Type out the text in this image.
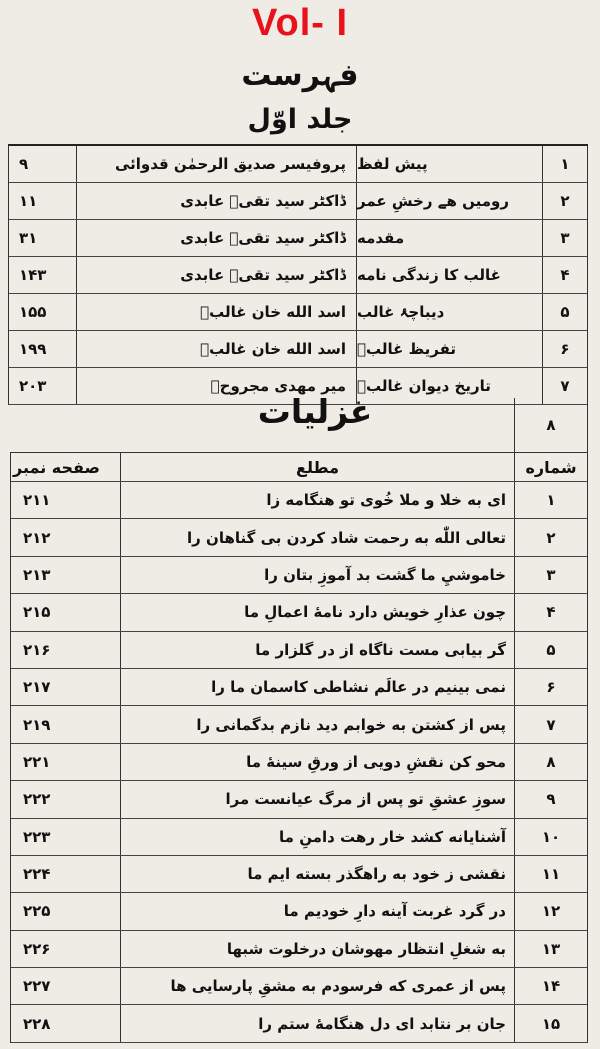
Vol- I
فہرست
جلد اوّل
١
پیش لفظ
پروفیسر صدیق الرحمٰن قدوائی
٩
٢
رومیں ھے رخشِ عمر
ڈاکٹر سید تقیؔ عابدی
١١
٣
مقدمه
ڈاکٹر سید تقیؔ عابدی
٣١
۴
غالب کا زندگی نامه
ڈاکٹر سید تقیؔ عابدی
١۴٣
۵
دیباچۂ غالب
اسد الله خان غالبؔ
١۵۵
۶
تفریظ غالبؔ
اسد الله خان غالبؔ
١٩٩
٧
تاریخ دیوان غالبؔ
میر مهدی مجروحؔ
٢٠٣
غزلیات	٨
شماره
مطلع
صفحه نمبر
١
ای به خلا و ملا خُوی تو هنگامه زا
٢١١
٢
تعالی اللّٰه به رحمت شاد کردن بی گناهان را
٢١٢
٣
خاموشيِ ما گشت بد آموزِ بتان را
٢١٣
۴
چون عذارِ خویش دارد نامهٔ اعمالِ ما
٢١۵
۵
گر بیابی مست ناگاه از در گلزار ما
٢١۶
۶
نمی بینیم در عالَم نشاطی کاسمان ما را
٢١٧
٧
پس از کشتن به خوابم دید نازم بدگمانی را
٢١٩
٨
محو کن نقشِ دویی از ورقِ سینهٔ ما
٢٢١
٩
سوزِ عشقِ تو پس از مرگ عیانست مرا
٢٢٢
١٠
آشنایانه کشد خار رهت دامنِ ما
٢٢٣
١١
نقشی ز خود به راهگذر بسته ایم ما
٢٢۴
١٢
در گرد غربت آینه دارِ خودیم ما
٢٢۵
١٣
به شغلِ انتظار مهوشان درخلوت شبها
٢٢۶
١۴
پس از عمری که فرسودم به مشقِ پارسایی ها
٢٢٧
١۵
جان بر نتابد ای دل هنگامهٔ ستم را
٢٢٨
